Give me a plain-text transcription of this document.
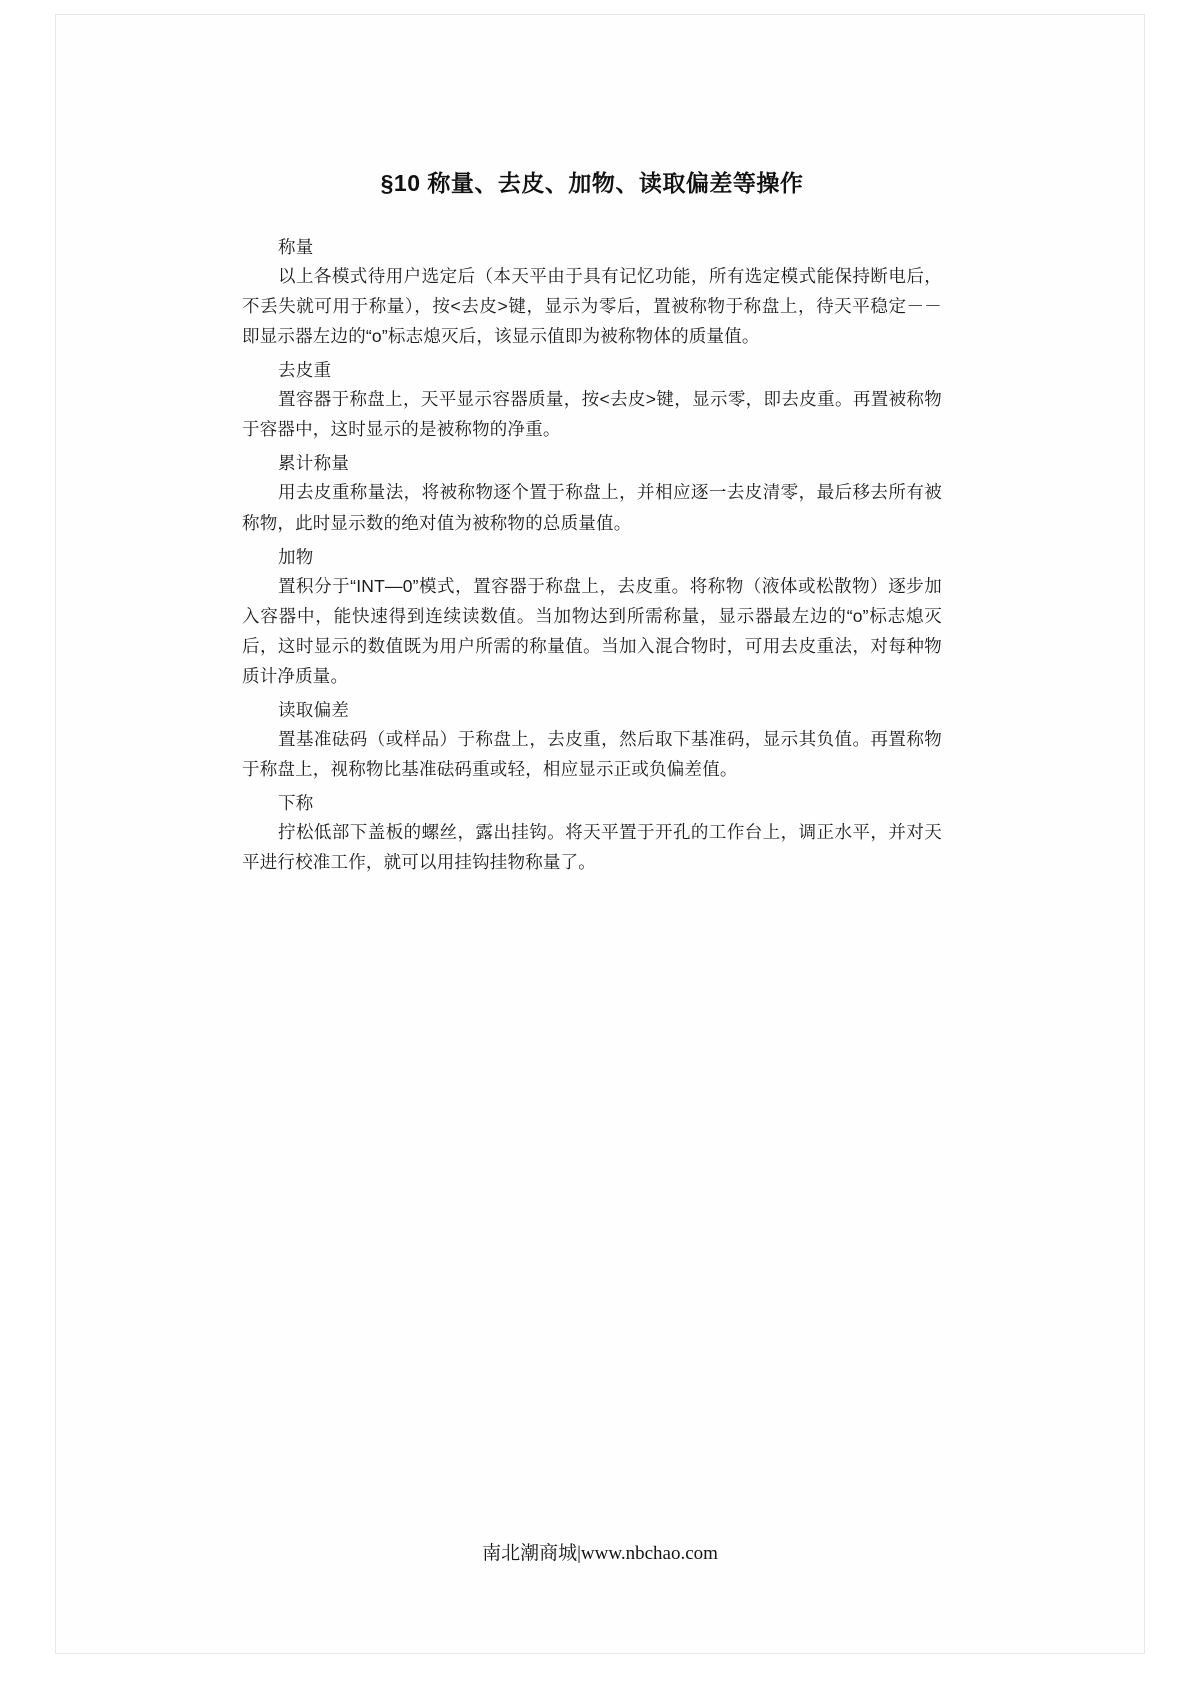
§10 称量、去皮、加物、读取偏差等操作
称量

以上各模式待用户选定后（本天平由于具有记忆功能，所有选定模式能保持断电后，不丢失就可用于称量），按<去皮>键，显示为零后，置被称物于称盘上，待天平稳定－－即显示器左边的“o”标志熄灭后，该显示值即为被称物体的质量值。

去皮重

置容器于称盘上，天平显示容器质量，按<去皮>键，显示零，即去皮重。再置被称物于容器中，这时显示的是被称物的净重。

累计称量

用去皮重称量法，将被称物逐个置于称盘上，并相应逐一去皮清零，最后移去所有被称物，此时显示数的绝对值为被称物的总质量值。

加物

置积分于“INT—0”模式，置容器于称盘上，去皮重。将称物（液体或松散物）逐步加入容器中，能快速得到连续读数值。当加物达到所需称量，显示器最左边的“o”标志熄灭后，这时显示的数值既为用户所需的称量值。当加入混合物时，可用去皮重法，对每种物质计净质量。

读取偏差

置基准砝码（或样品）于称盘上，去皮重，然后取下基准码，显示其负值。再置称物于称盘上，视称物比基准砝码重或轻，相应显示正或负偏差值。

下称

拧松低部下盖板的螺丝，露出挂钩。将天平置于开孔的工作台上，调正水平，并对天平进行校准工作，就可以用挂钩挂物称量了。

南北潮商城|www.nbchao.com
